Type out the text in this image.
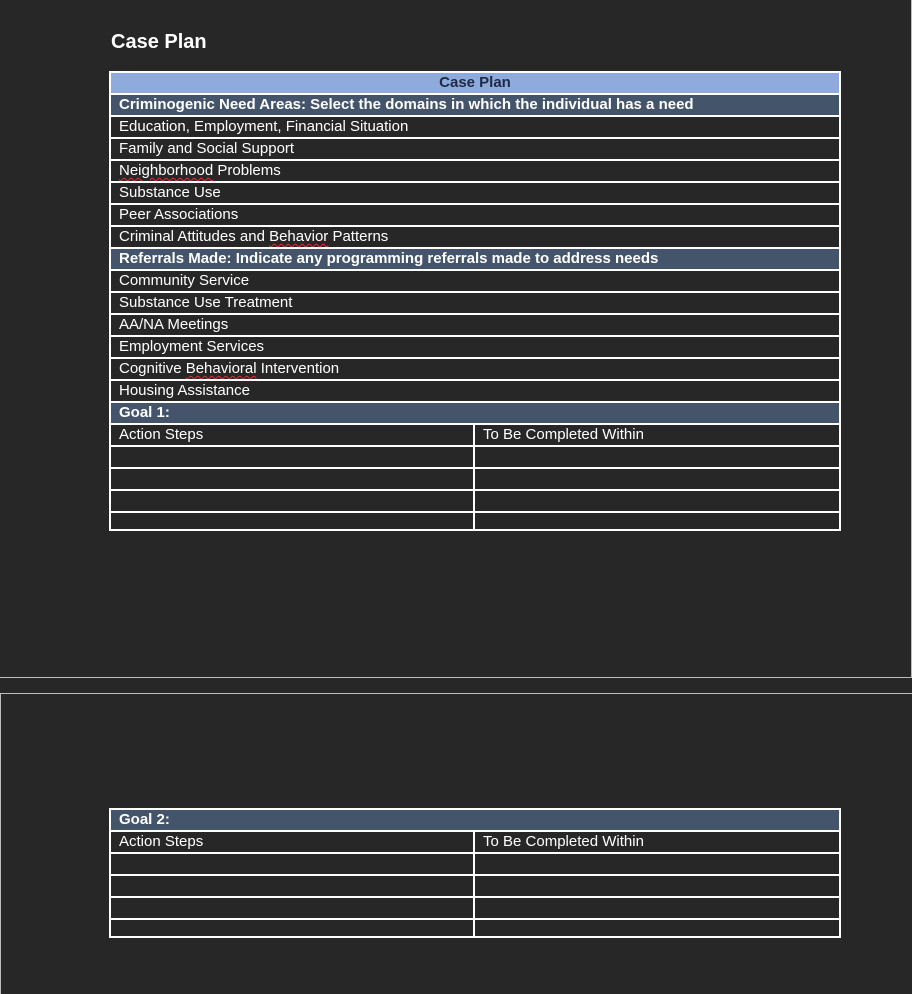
Case Plan
Case Plan	
Criminogenic Need Areas: Select the domains in which the individual has a need	
Education, Employment, Financial Situation	
Family and Social Support	
Neighborhood Problems	
Substance Use	
Peer Associations	
Criminal Attitudes and Behavior Patterns	
Referrals Made: Indicate any programming referrals made to address needs	
Community Service	
Substance Use Treatment	
AA/NA Meetings	
Employment Services	
Cognitive Behavioral Intervention	
Housing Assistance	
Goal 1:	
Action Steps	To Be Completed Within

Goal 2:	
Action Steps	To Be Completed Within
